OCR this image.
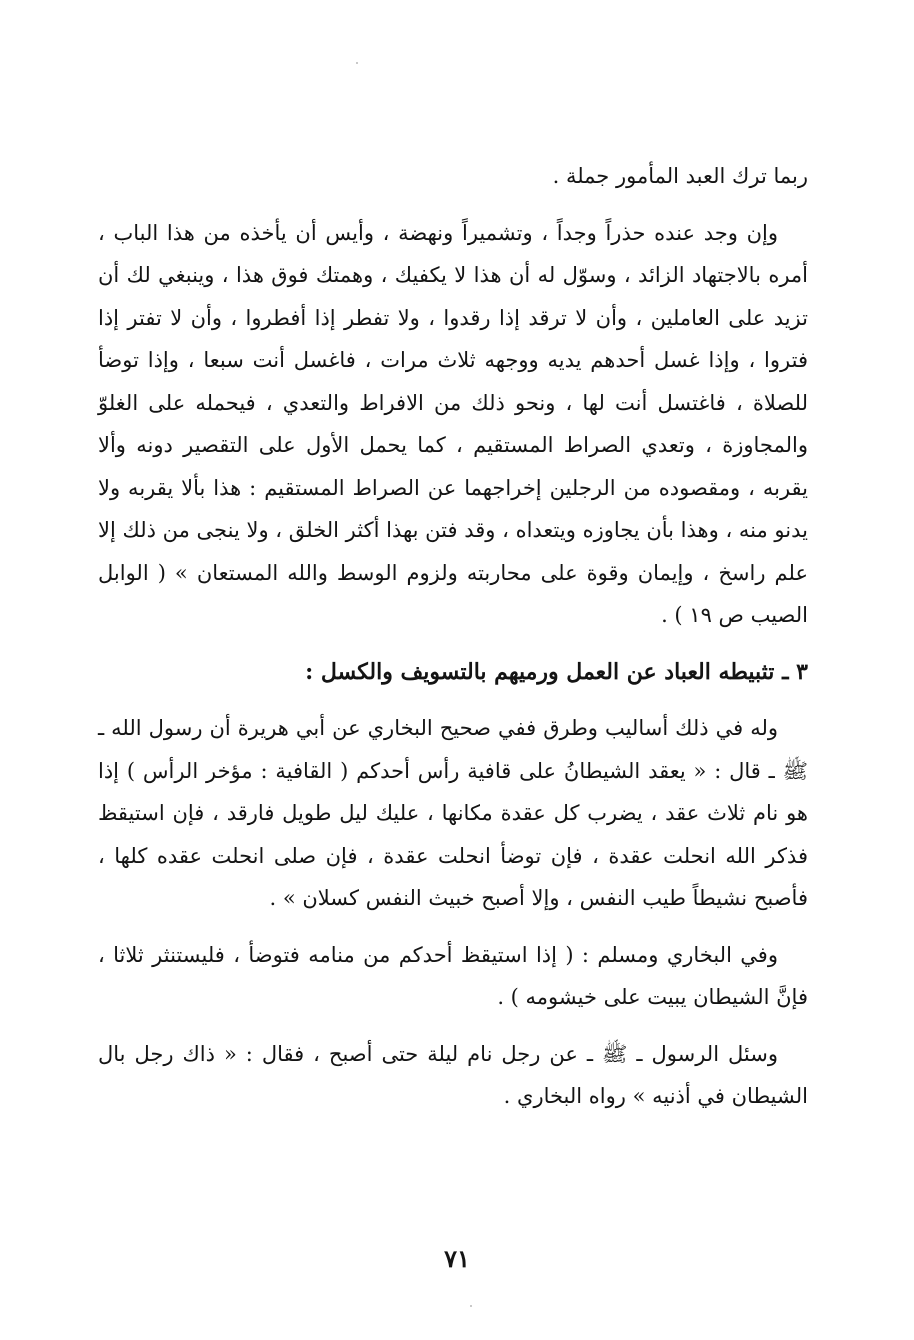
ربما ترك العبد المأمور جملة .

وإن وجد عنده حذراً وجداً ، وتشميراً ونهضة ، وأيس أن يأخذه من هذا الباب ، أمره بالاجتهاد الزائد ، وسوّل له أن هذا لا يكفيك ، وهمتك فوق هذا ، وينبغي لك أن تزيد على العاملين ، وأن لا ترقد إذا رقدوا ، ولا تفطر إذا أفطروا ، وأن لا تفتر إذا فتروا ، وإذا غسل أحدهم يديه ووجهه ثلاث مرات ، فاغسل أنت سبعا ، وإذا توضأ للصلاة ، فاغتسل أنت لها ، ونحو ذلك من الافراط والتعدي ، فيحمله على الغلوّ والمجاوزة ، وتعدي الصراط المستقيم ، كما يحمل الأول على التقصير دونه وألا يقربه ، ومقصوده من الرجلين إخراجهما عن الصراط المستقيم : هذا بألا يقربه ولا يدنو منه ، وهذا بأن يجاوزه ويتعداه ، وقد فتن بهذا أكثر الخلق ، ولا ينجى من ذلك إلا علم راسخ ، وإيمان وقوة على محاربته ولزوم الوسط والله المستعان » ( الوابل الصيب ص ١٩ ) .

٣ ـ تثبيطه العباد عن العمل ورميهم بالتسويف والكسل :

وله في ذلك أساليب وطرق ففي صحيح البخاري عن أبي هريرة أن رسول الله ـ ﷺ ـ قال : « يعقد الشيطانُ على قافية رأس أحدكم ( القافية : مؤخر الرأس ) إذا هو نام ثلاث عقد ، يضرب كل عقدة مكانها ، عليك ليل طويل فارقد ، فإن استيقظ فذكر الله انحلت عقدة ، فإن توضأ انحلت عقدة ، فإن صلى انحلت عقده كلها ، فأصبح نشيطاً طيب النفس ، وإلا أصبح خبيث النفس كسلان » .

وفي البخاري ومسلم : ( إذا استيقظ أحدكم من منامه فتوضأ ، فليستنثر ثلاثا ، فإنَّ الشيطان يبيت على خيشومه ) .

وسئل الرسول ـ ﷺ ـ عن رجل نام ليلة حتى أصبح ، فقال : « ذاك رجل بال الشيطان في أذنيه » رواه البخاري .

٧١
